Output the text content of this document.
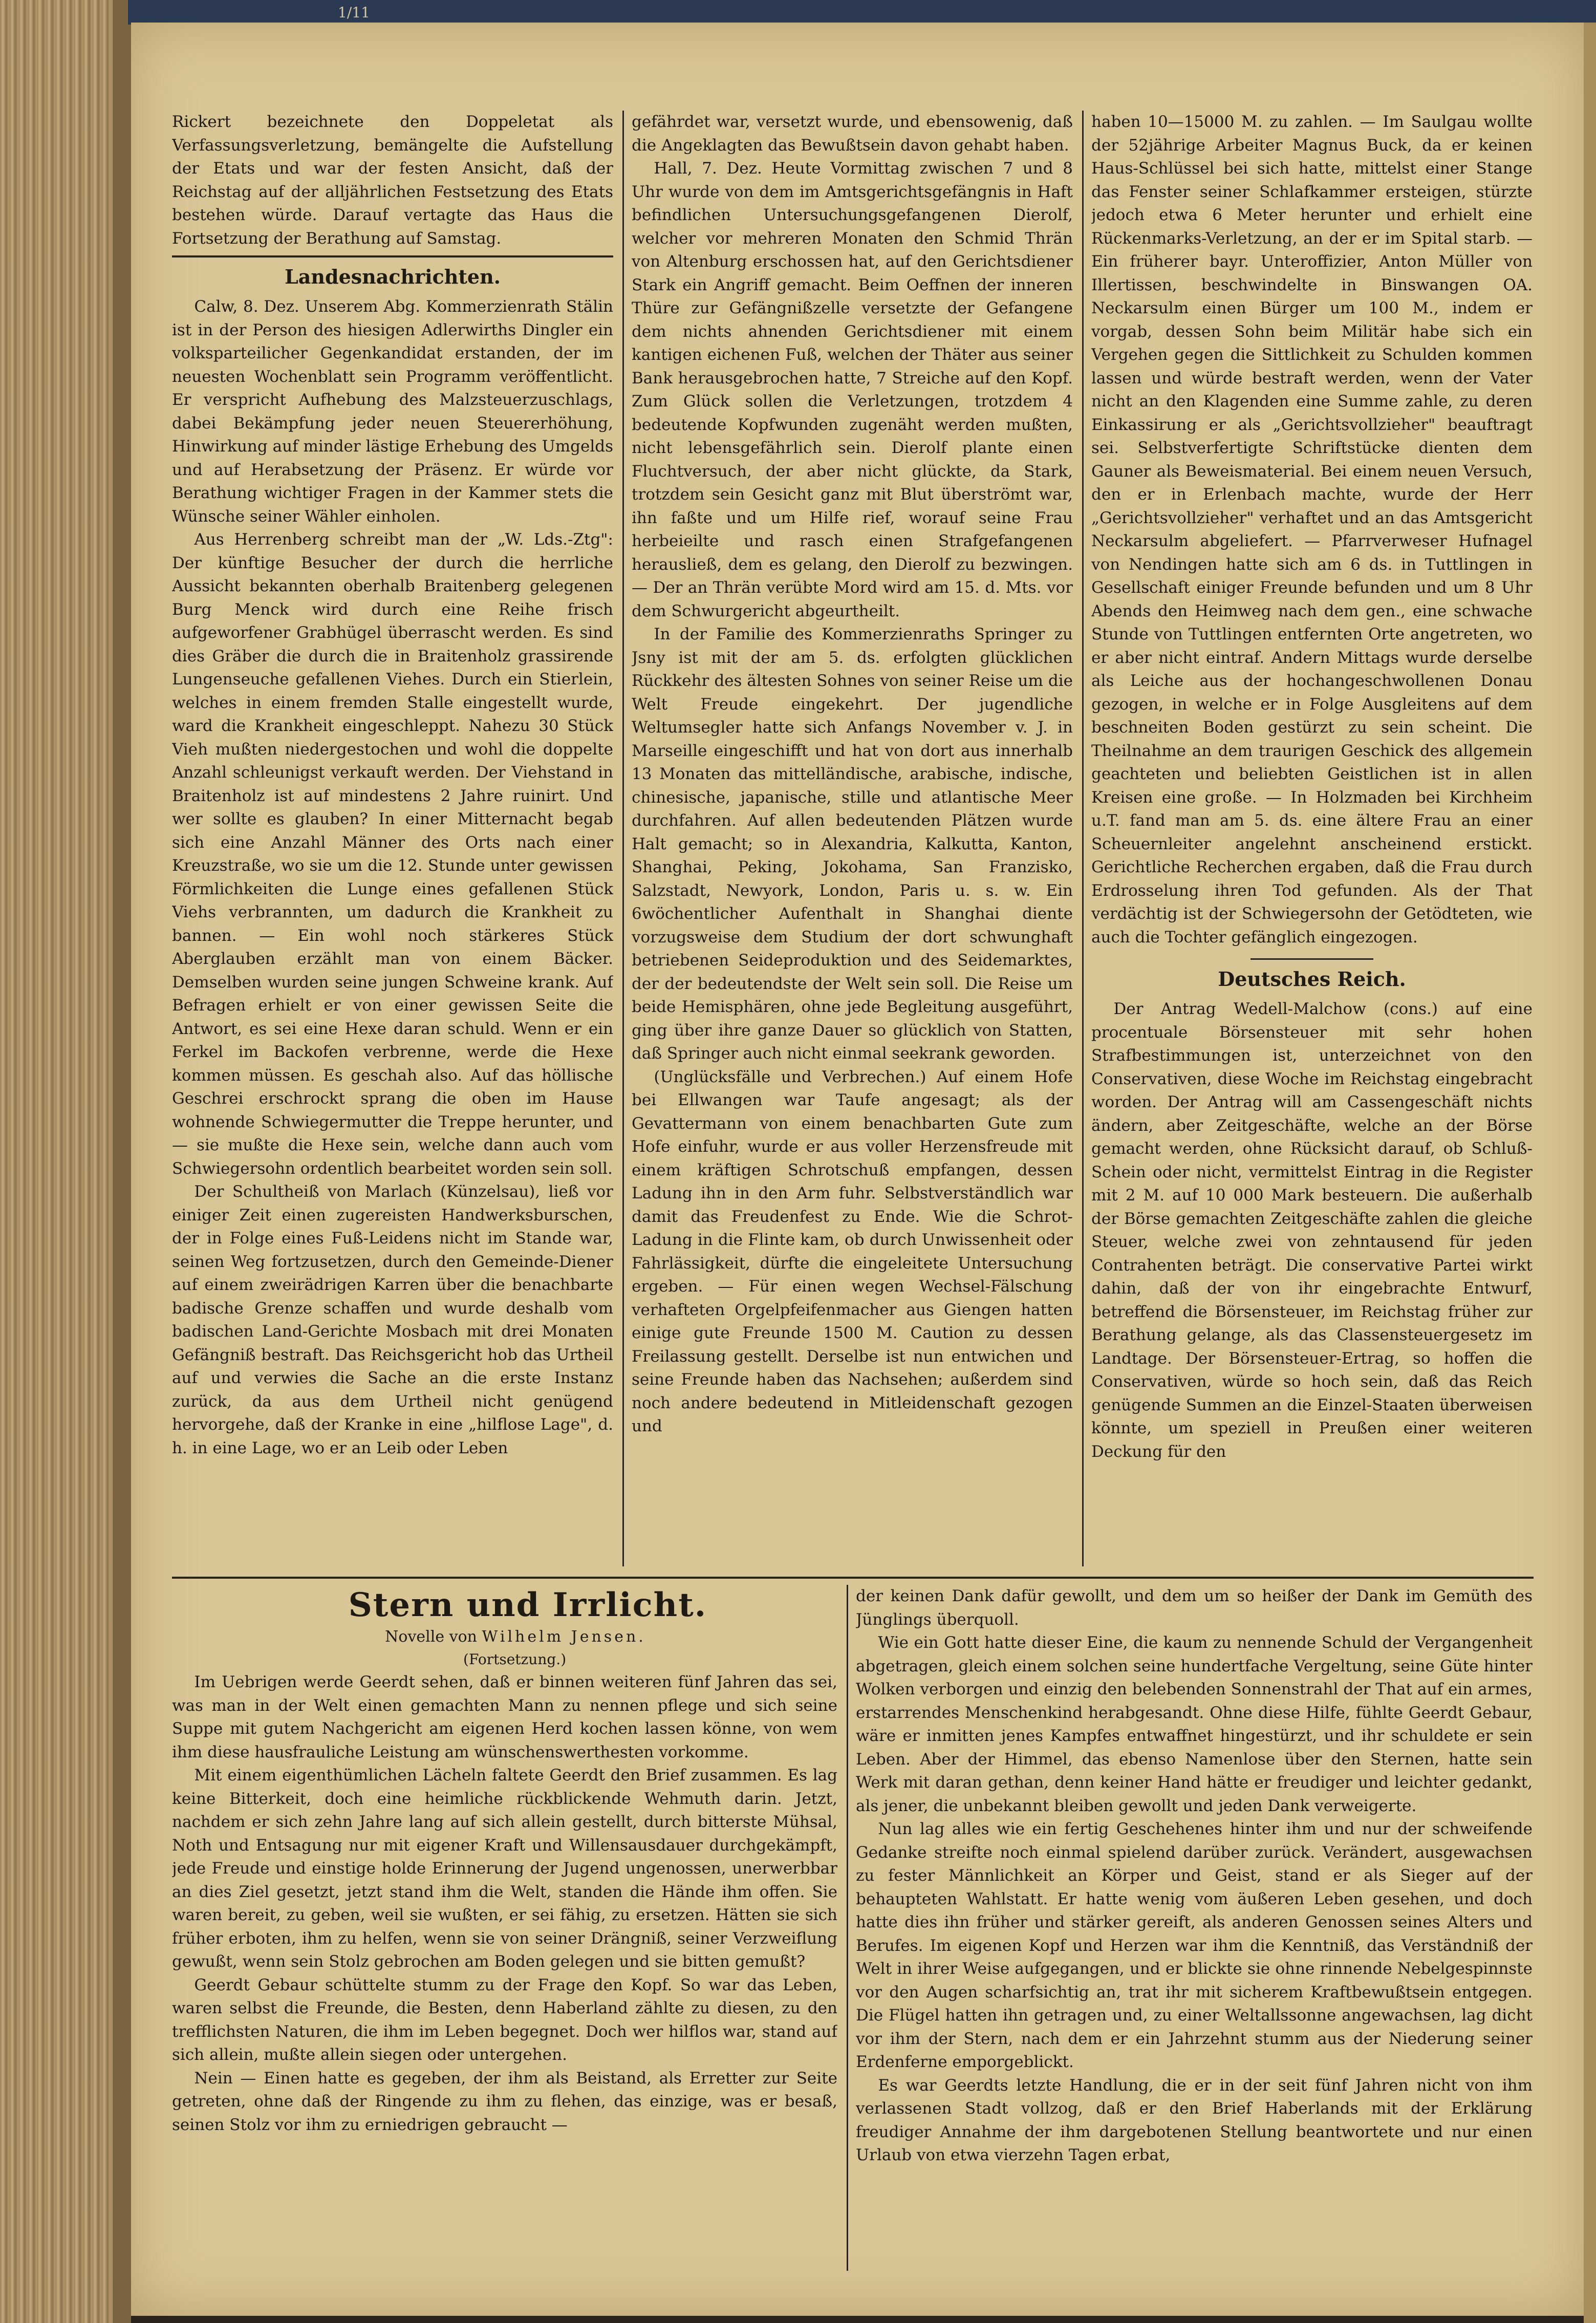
1/11

Rickert bezeichnete den Doppeletat als Verfassungsverletzung, bemängelte die Aufstellung der Etats und war der festen Ansicht, daß der Reichstag auf der alljährlichen Festsetzung des Etats bestehen würde. Darauf vertagte das Haus die Fortsetzung der Berathung auf Samstag.

Landesnachrichten.

Calw, 8. Dez. Unserem Abg. Kommerzienrath Stälin ist in der Person des hiesigen Adlerwirths Dingler ein volksparteilicher Gegenkandidat erstanden, der im neuesten Wochenblatt sein Programm veröffentlicht. Er verspricht Aufhebung des Malzsteuerzuschlags, dabei Bekämpfung jeder neuen Steuererhöhung, Hinwirkung auf minder lästige Erhebung des Umgelds und auf Herabsetzung der Präsenz. Er würde vor Berathung wichtiger Fragen in der Kammer stets die Wünsche seiner Wähler einholen.

Aus Herrenberg schreibt man der „W. Lds.-Ztg": Der künftige Besucher der durch die herrliche Aussicht bekannten oberhalb Braitenberg gelegenen Burg Menck wird durch eine Reihe frisch aufgeworfener Grabhügel überrascht werden. Es sind dies Gräber die durch die in Braitenholz grassirende Lungenseuche gefallenen Viehes. Durch ein Stierlein, welches in einem fremden Stalle eingestellt wurde, ward die Krankheit eingeschleppt. Nahezu 30 Stück Vieh mußten niedergestochen und wohl die doppelte Anzahl schleunigst verkauft werden. Der Viehstand in Braitenholz ist auf mindestens 2 Jahre ruinirt. Und wer sollte es glauben? In einer Mitternacht begab sich eine Anzahl Männer des Orts nach einer Kreuzstraße, wo sie um die 12. Stunde unter gewissen Förmlichkeiten die Lunge eines gefallenen Stück Viehs verbrannten, um dadurch die Krankheit zu bannen. — Ein wohl noch stärkeres Stück Aberglauben erzählt man von einem Bäcker. Demselben wurden seine jungen Schweine krank. Auf Befragen erhielt er von einer gewissen Seite die Antwort, es sei eine Hexe daran schuld. Wenn er ein Ferkel im Backofen verbrenne, werde die Hexe kommen müssen. Es geschah also. Auf das höllische Geschrei erschrockt sprang die oben im Hause wohnende Schwiegermutter die Treppe herunter, und — sie mußte die Hexe sein, welche dann auch vom Schwiegersohn ordentlich bearbeitet worden sein soll.

Der Schultheiß von Marlach (Künzelsau), ließ vor einiger Zeit einen zugereisten Handwerksburschen, der in Folge eines Fuß-Leidens nicht im Stande war, seinen Weg fortzusetzen, durch den Gemeinde-Diener auf einem zweirädrigen Karren über die benachbarte badische Grenze schaffen und wurde deshalb vom badischen Land-Gerichte Mosbach mit drei Monaten Gefängniß bestraft. Das Reichsgericht hob das Urtheil auf und verwies die Sache an die erste Instanz zurück, da aus dem Urtheil nicht genügend hervorgehe, daß der Kranke in eine „hilflose Lage", d. h. in eine Lage, wo er an Leib oder Leben

gefährdet war, versetzt wurde, und ebensowenig, daß die Angeklagten das Bewußtsein davon gehabt haben.

Hall, 7. Dez. Heute Vormittag zwischen 7 und 8 Uhr wurde von dem im Amtsgerichtsgefängnis in Haft befindlichen Untersuchungsgefangenen Dierolf, welcher vor mehreren Monaten den Schmid Thrän von Altenburg erschossen hat, auf den Gerichtsdiener Stark ein Angriff gemacht. Beim Oeffnen der inneren Thüre zur Gefängnißzelle versetzte der Gefangene dem nichts ahnenden Gerichtsdiener mit einem kantigen eichenen Fuß, welchen der Thäter aus seiner Bank herausgebrochen hatte, 7 Streiche auf den Kopf. Zum Glück sollen die Verletzungen, trotzdem 4 bedeutende Kopfwunden zugenäht werden mußten, nicht lebensgefährlich sein. Dierolf plante einen Fluchtversuch, der aber nicht glückte, da Stark, trotzdem sein Gesicht ganz mit Blut überströmt war, ihn faßte und um Hilfe rief, worauf seine Frau herbeieilte und rasch einen Strafgefangenen herausließ, dem es gelang, den Dierolf zu bezwingen. — Der an Thrän verübte Mord wird am 15. d. Mts. vor dem Schwurgericht abgeurtheilt.

In der Familie des Kommerzienraths Springer zu Jsny ist mit der am 5. ds. erfolgten glücklichen Rückkehr des ältesten Sohnes von seiner Reise um die Welt Freude eingekehrt. Der jugendliche Weltumsegler hatte sich Anfangs November v. J. in Marseille eingeschifft und hat von dort aus innerhalb 13 Monaten das mittelländische, arabische, indische, chinesische, japanische, stille und atlantische Meer durchfahren. Auf allen bedeutenden Plätzen wurde Halt gemacht; so in Alexandria, Kalkutta, Kanton, Shanghai, Peking, Jokohama, San Franzisko, Salzstadt, Newyork, London, Paris u. s. w. Ein 6wöchentlicher Aufenthalt in Shanghai diente vorzugsweise dem Studium der dort schwunghaft betriebenen Seideproduktion und des Seidemarktes, der der bedeutendste der Welt sein soll. Die Reise um beide Hemisphären, ohne jede Begleitung ausgeführt, ging über ihre ganze Dauer so glücklich von Statten, daß Springer auch nicht einmal seekrank geworden.

(Unglücksfälle und Verbrechen.) Auf einem Hofe bei Ellwangen war Taufe angesagt; als der Gevattermann von einem benachbarten Gute zum Hofe einfuhr, wurde er aus voller Herzensfreude mit einem kräftigen Schrotschuß empfangen, dessen Ladung ihn in den Arm fuhr. Selbstverständlich war damit das Freudenfest zu Ende. Wie die Schrot-Ladung in die Flinte kam, ob durch Unwissenheit oder Fahrlässigkeit, dürfte die eingeleitete Untersuchung ergeben. — Für einen wegen Wechsel-Fälschung verhafteten Orgelpfeifenmacher aus Giengen hatten einige gute Freunde 1500 M. Caution zu dessen Freilassung gestellt. Derselbe ist nun entwichen und seine Freunde haben das Nachsehen; außerdem sind noch andere bedeutend in Mitleidenschaft gezogen und

haben 10—15000 M. zu zahlen. — Im Saulgau wollte der 52jährige Arbeiter Magnus Buck, da er keinen Haus-Schlüssel bei sich hatte, mittelst einer Stange das Fenster seiner Schlafkammer ersteigen, stürzte jedoch etwa 6 Meter herunter und erhielt eine Rückenmarks-Verletzung, an der er im Spital starb. — Ein früherer bayr. Unteroffizier, Anton Müller von Illertissen, beschwindelte in Binswangen OA. Neckarsulm einen Bürger um 100 M., indem er vorgab, dessen Sohn beim Militär habe sich ein Vergehen gegen die Sittlichkeit zu Schulden kommen lassen und würde bestraft werden, wenn der Vater nicht an den Klagenden eine Summe zahle, zu deren Einkassirung er als „Gerichtsvollzieher" beauftragt sei. Selbstverfertigte Schriftstücke dienten dem Gauner als Beweismaterial. Bei einem neuen Versuch, den er in Erlenbach machte, wurde der Herr „Gerichtsvollzieher" verhaftet und an das Amtsgericht Neckarsulm abgeliefert. — Pfarrverweser Hufnagel von Nendingen hatte sich am 6 ds. in Tuttlingen in Gesellschaft einiger Freunde befunden und um 8 Uhr Abends den Heimweg nach dem gen., eine schwache Stunde von Tuttlingen entfernten Orte angetreten, wo er aber nicht eintraf. Andern Mittags wurde derselbe als Leiche aus der hochangeschwollenen Donau gezogen, in welche er in Folge Ausgleitens auf dem beschneiten Boden gestürzt zu sein scheint. Die Theilnahme an dem traurigen Geschick des allgemein geachteten und beliebten Geistlichen ist in allen Kreisen eine große. — In Holzmaden bei Kirchheim u.T. fand man am 5. ds. eine ältere Frau an einer Scheuernleiter angelehnt anscheinend erstickt. Gerichtliche Recherchen ergaben, daß die Frau durch Erdrosselung ihren Tod gefunden. Als der That verdächtig ist der Schwiegersohn der Getödteten, wie auch die Tochter gefänglich eingezogen.

Deutsches Reich.

Der Antrag Wedell-Malchow (cons.) auf eine procentuale Börsensteuer mit sehr hohen Strafbestimmungen ist, unterzeichnet von den Conservativen, diese Woche im Reichstag eingebracht worden. Der Antrag will am Cassengeschäft nichts ändern, aber Zeitgeschäfte, welche an der Börse gemacht werden, ohne Rücksicht darauf, ob Schluß-Schein oder nicht, vermittelst Eintrag in die Register mit 2 M. auf 10 000 Mark besteuern. Die außerhalb der Börse gemachten Zeitgeschäfte zahlen die gleiche Steuer, welche zwei von zehntausend für jeden Contrahenten beträgt. Die conservative Partei wirkt dahin, daß der von ihr eingebrachte Entwurf, betreffend die Börsensteuer, im Reichstag früher zur Berathung gelange, als das Classensteuergesetz im Landtage. Der Börsensteuer-Ertrag, so hoffen die Conservativen, würde so hoch sein, daß das Reich genügende Summen an die Einzel-Staaten überweisen könnte, um speziell in Preußen einer weiteren Deckung für den

Stern und Irrlicht.

Novelle von Wilhelm Jensen.

(Fortsetzung.)

Im Uebrigen werde Geerdt sehen, daß er binnen weiteren fünf Jahren das sei, was man in der Welt einen gemachten Mann zu nennen pflege und sich seine Suppe mit gutem Nachgericht am eigenen Herd kochen lassen könne, von wem ihm diese hausfrauliche Leistung am wünschenswerthesten vorkomme.

Mit einem eigenthümlichen Lächeln faltete Geerdt den Brief zusammen. Es lag keine Bitterkeit, doch eine heimliche rückblickende Wehmuth darin. Jetzt, nachdem er sich zehn Jahre lang auf sich allein gestellt, durch bitterste Mühsal, Noth und Entsagung nur mit eigener Kraft und Willensausdauer durchgekämpft, jede Freude und einstige holde Erinnerung der Jugend ungenossen, unerwerbbar an dies Ziel gesetzt, jetzt stand ihm die Welt, standen die Hände ihm offen. Sie waren bereit, zu geben, weil sie wußten, er sei fähig, zu ersetzen. Hätten sie sich früher erboten, ihm zu helfen, wenn sie von seiner Drängniß, seiner Verzweiflung gewußt, wenn sein Stolz gebrochen am Boden gelegen und sie bitten gemußt?

Geerdt Gebaur schüttelte stumm zu der Frage den Kopf. So war das Leben, waren selbst die Freunde, die Besten, denn Haberland zählte zu diesen, zu den trefflichsten Naturen, die ihm im Leben begegnet. Doch wer hilflos war, stand auf sich allein, mußte allein siegen oder untergehen.

Nein — Einen hatte es gegeben, der ihm als Beistand, als Erretter zur Seite getreten, ohne daß der Ringende zu ihm zu flehen, das einzige, was er besaß, seinen Stolz vor ihm zu erniedrigen gebraucht —

der keinen Dank dafür gewollt, und dem um so heißer der Dank im Gemüth des Jünglings überquoll.

Wie ein Gott hatte dieser Eine, die kaum zu nennende Schuld der Vergangenheit abgetragen, gleich einem solchen seine hundertfache Vergeltung, seine Güte hinter Wolken verborgen und einzig den belebenden Sonnenstrahl der That auf ein armes, erstarrendes Menschenkind herabgesandt. Ohne diese Hilfe, fühlte Geerdt Gebaur, wäre er inmitten jenes Kampfes entwaffnet hingestürzt, und ihr schuldete er sein Leben. Aber der Himmel, das ebenso Namenlose über den Sternen, hatte sein Werk mit daran gethan, denn keiner Hand hätte er freudiger und leichter gedankt, als jener, die unbekannt bleiben gewollt und jeden Dank verweigerte.

Nun lag alles wie ein fertig Geschehenes hinter ihm und nur der schweifende Gedanke streifte noch einmal spielend darüber zurück. Verändert, ausgewachsen zu fester Männlichkeit an Körper und Geist, stand er als Sieger auf der behaupteten Wahlstatt. Er hatte wenig vom äußeren Leben gesehen, und doch hatte dies ihn früher und stärker gereift, als anderen Genossen seines Alters und Berufes. Im eigenen Kopf und Herzen war ihm die Kenntniß, das Verständniß der Welt in ihrer Weise aufgegangen, und er blickte sie ohne rinnende Nebelgespinnste vor den Augen scharfsichtig an, trat ihr mit sicherem Kraftbewußtsein entgegen. Die Flügel hatten ihn getragen und, zu einer Weltallssonne angewachsen, lag dicht vor ihm der Stern, nach dem er ein Jahrzehnt stumm aus der Niederung seiner Erdenferne emporgeblickt.

Es war Geerdts letzte Handlung, die er in der seit fünf Jahren nicht von ihm verlassenen Stadt vollzog, daß er den Brief Haberlands mit der Erklärung freudiger Annahme der ihm dargebotenen Stellung beantwortete und nur einen Urlaub von etwa vierzehn Tagen erbat,
